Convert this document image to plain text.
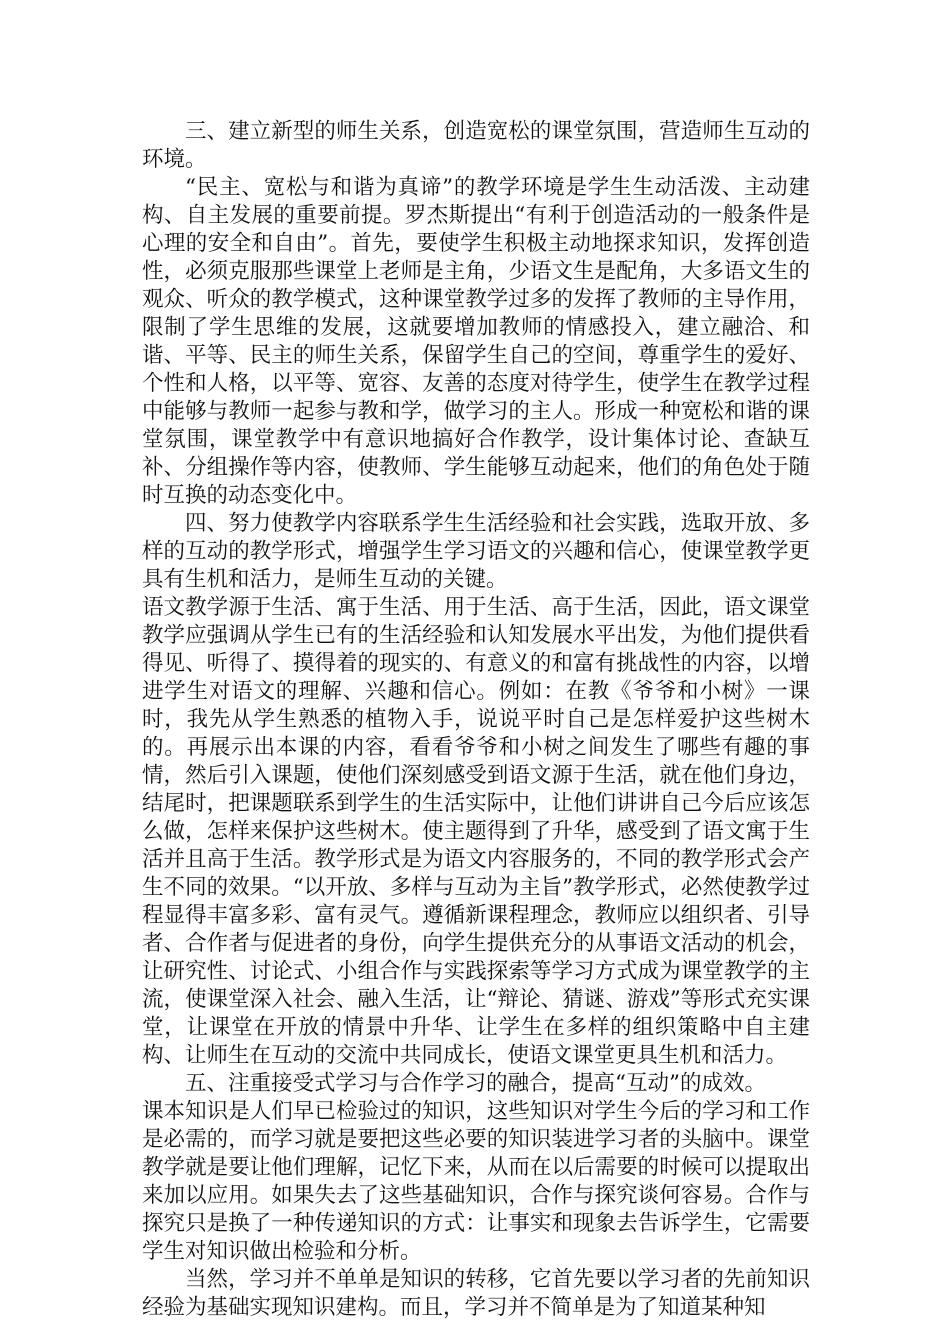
三、建立新型的师生关系，创造宽松的课堂氛围，营造师生互动的环境。

“民主、宽松与和谐为真谛”的教学环境是学生生动活泼、主动建构、自主发展的重要前提。罗杰斯提出“有利于创造活动的一般条件是心理的安全和自由”。首先，要使学生积极主动地探求知识，发挥创造性，必须克服那些课堂上老师是主角，少语文生是配角，大多语文生的观众、听众的教学模式，这种课堂教学过多的发挥了教师的主导作用，限制了学生思维的发展，这就要增加教师的情感投入，建立融洽、和谐、平等、民主的师生关系，保留学生自己的空间，尊重学生的爱好、个性和人格，以平等、宽容、友善的态度对待学生，使学生在教学过程中能够与教师一起参与教和学，做学习的主人。形成一种宽松和谐的课堂氛围，课堂教学中有意识地搞好合作教学，设计集体讨论、查缺互补、分组操作等内容，使教师、学生能够互动起来，他们的角色处于随时互换的动态变化中。

四、努力使教学内容联系学生生活经验和社会实践，选取开放、多样的互动的教学形式，增强学生学习语文的兴趣和信心，使课堂教学更具有生机和活力，是师生互动的关键。

语文教学源于生活、寓于生活、用于生活、高于生活，因此，语文课堂教学应强调从学生已有的生活经验和认知发展水平出发，为他们提供看得见、听得了、摸得着的现实的、有意义的和富有挑战性的内容，以增进学生对语文的理解、兴趣和信心。例如：在教《爷爷和小树》一课时，我先从学生熟悉的植物入手，说说平时自己是怎样爱护这些树木的。再展示出本课的内容，看看爷爷和小树之间发生了哪些有趣的事情，然后引入课题，使他们深刻感受到语文源于生活，就在他们身边，结尾时，把课题联系到学生的生活实际中，让他们讲讲自己今后应该怎么做，怎样来保护这些树木。使主题得到了升华，感受到了语文寓于生活并且高于生活。教学形式是为语文内容服务的，不同的教学形式会产生不同的效果。“以开放、多样与互动为主旨”教学形式，必然使教学过程显得丰富多彩、富有灵气。遵循新课程理念，教师应以组织者、引导者、合作者与促进者的身份，向学生提供充分的从事语文活动的机会，让研究性、讨论式、小组合作与实践探索等学习方式成为课堂教学的主流，使课堂深入社会、融入生活，让“辩论、猜谜、游戏”等形式充实课堂，让课堂在开放的情景中升华、让学生在多样的组织策略中自主建构、让师生在互动的交流中共同成长，使语文课堂更具生机和活力。

五、注重接受式学习与合作学习的融合，提高“互动”的成效。

课本知识是人们早已检验过的知识，这些知识对学生今后的学习和工作是必需的，而学习就是要把这些必要的知识装进学习者的头脑中。课堂教学就是要让他们理解，记忆下来，从而在以后需要的时候可以提取出来加以应用。如果失去了这些基础知识，合作与探究谈何容易。合作与探究只是换了一种传递知识的方式：让事实和现象去告诉学生，它需要学生对知识做出检验和分析。

当然，学习并不单单是知识的转移，它首先要以学习者的先前知识经验为基础实现知识建构。而且，学习并不简单是为了知道某种知
